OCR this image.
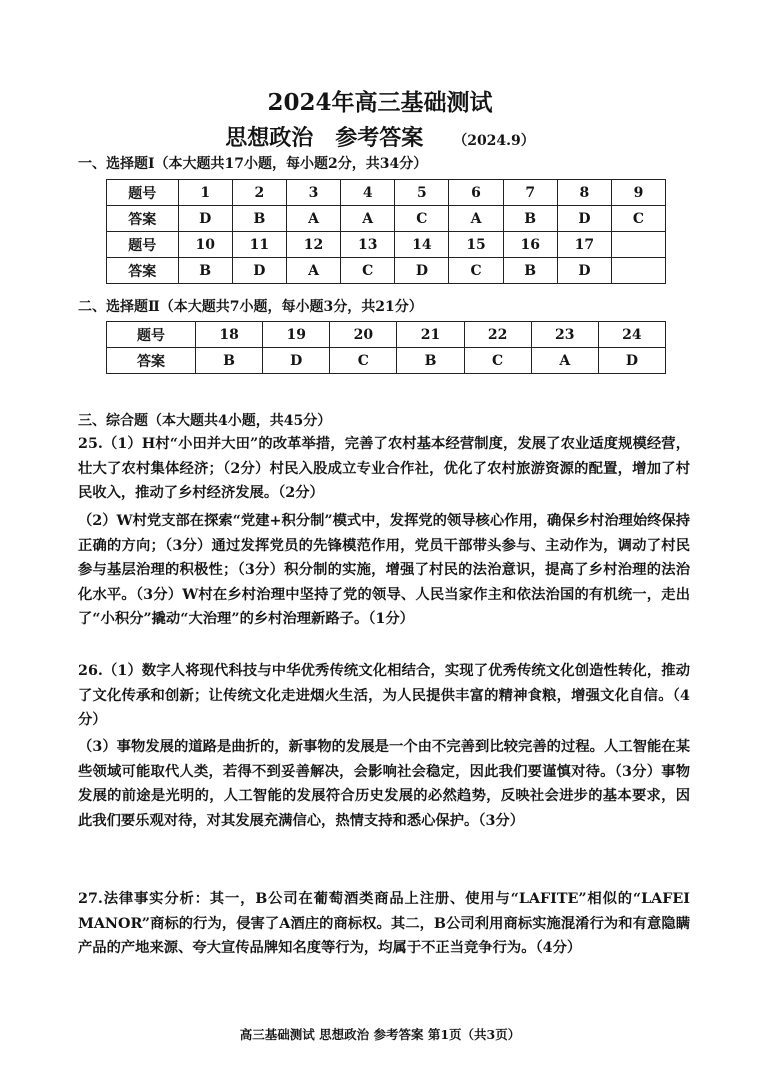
2024年高三基础测试
思想政治　参考答案 （2024.9）
一、选择题Ⅰ（本大题共17小题，每小题2分，共34分）
题号	1	2	3	4	5	6	7	8	9
答案	D	B	A	A	C	A	B	D	C
题号	10	11	12	13	14	15	16	17	
答案	B	D	A	C	D	C	B	D	
二、选择题Ⅱ（本大题共7小题，每小题3分，共21分）
题号	18	19	20	21	22	23	24
答案	B	D	C	B	C	A	D
三、综合题（本大题共4小题，共45分）
25.（1）H村“小田并大田”的改革举措，完善了农村基本经营制度，发展了农业适度规模经营，壮大了农村集体经济；（2分）村民入股成立专业合作社，优化了农村旅游资源的配置，增加了村民收入，推动了乡村经济发展。（2分）
（2）W村党支部在探索“党建+积分制”模式中，发挥党的领导核心作用，确保乡村治理始终保持正确的方向；（3分）通过发挥党员的先锋模范作用，党员干部带头参与、主动作为，调动了村民参与基层治理的积极性；（3分）积分制的实施，增强了村民的法治意识，提高了乡村治理的法治化水平。（3分）W村在乡村治理中坚持了党的领导、人民当家作主和依法治国的有机统一，走出了“小积分”撬动“大治理”的乡村治理新路子。（1分）
26.（1）数字人将现代科技与中华优秀传统文化相结合，实现了优秀传统文化创造性转化，推动了文化传承和创新；让传统文化走进烟火生活，为人民提供丰富的精神食粮，增强文化自信。（4分）
（3）事物发展的道路是曲折的，新事物的发展是一个由不完善到比较完善的过程。人工智能在某些领域可能取代人类，若得不到妥善解决，会影响社会稳定，因此我们要谨慎对待。（3分）事物发展的前途是光明的，人工智能的发展符合历史发展的必然趋势，反映社会进步的基本要求，因此我们要乐观对待，对其发展充满信心，热情支持和悉心保护。（3分）
27.法律事实分析：其一，B公司在葡萄酒类商品上注册、使用与“LAFITE”相似的“LAFEI MANOR”商标的行为，侵害了A酒庄的商标权。其二，B公司利用商标实施混淆行为和有意隐瞒产品的产地来源、夸大宣传品牌知名度等行为，均属于不正当竞争行为。（4分）
高三基础测试 思想政治 参考答案 第1页（共3页）
